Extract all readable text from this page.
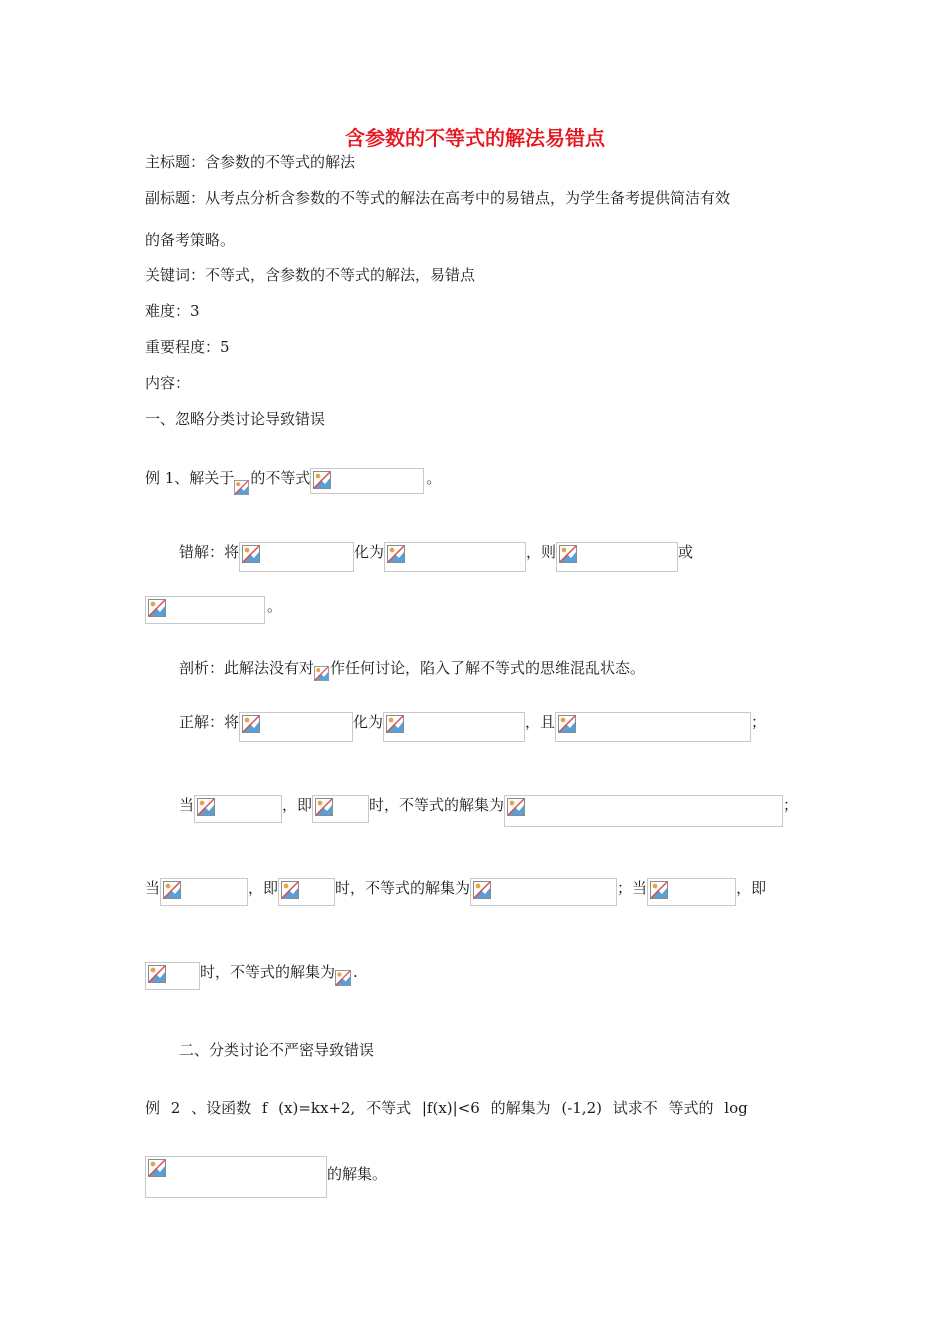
含参数的不等式的解法易错点
主标题：含参数的不等式的解法
副标题：从考点分析含参数的不等式的解法在高考中的易错点，为学生备考提供简洁有效
的备考策略。
关键词：不等式，含参数的不等式的解法，易错点
难度：3
重要程度：5
内容：
一、忽略分类讨论导致错误
例 1、解关于 的不等式	。
错解：将	化为	，则	或
。
剖析：此解法没有对 作任何讨论，陷入了解不等式的思维混乱状态。
正解：将	化为	，且	；
当	，即	时，不等式的解集为	；
当	，即	时，不等式的解集为	；当	，即
时，不等式的解集为 .
二、分类讨论不严密导致错误
例 2 、设函数 f (x)=kx+2, 不等式 |f(x)|<6 的解集为 (-1,2) 试求不 等式的 log
的解集。
